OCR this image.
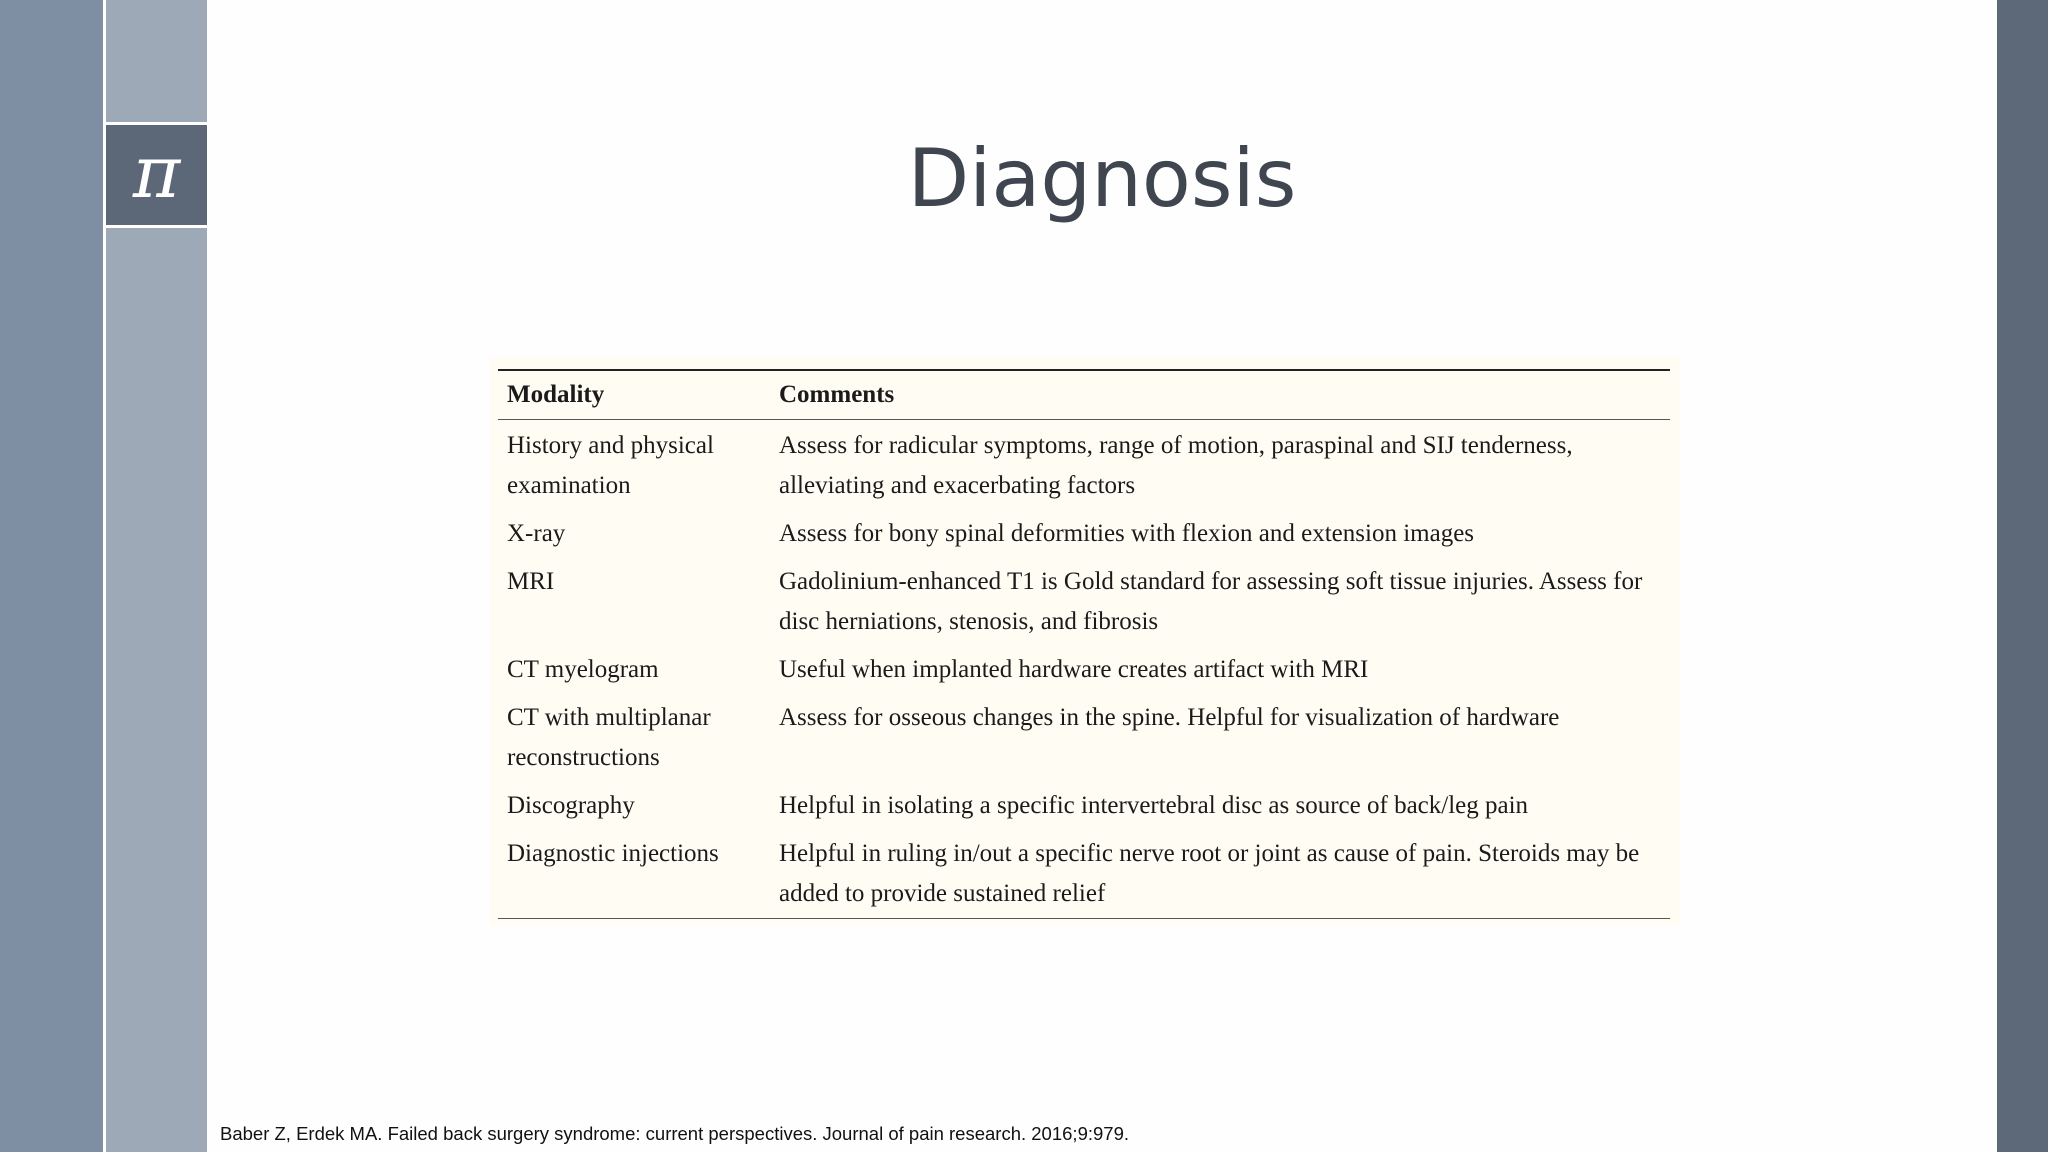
π	Diagnosis
Modality	Comments
History and physical examination	Assess for radicular symptoms, range of motion, paraspinal and SIJ tenderness, alleviating and exacerbating factors
X-ray	Assess for bony spinal deformities with flexion and extension images
MRI	Gadolinium-enhanced T1 is Gold standard for assessing soft tissue injuries. Assess for disc herniations, stenosis, and fibrosis
CT myelogram	Useful when implanted hardware creates artifact with MRI
CT with multiplanar reconstructions	Assess for osseous changes in the spine. Helpful for visualization of hardware
Discography	Helpful in isolating a specific intervertebral disc as source of back/leg pain
Diagnostic injections	Helpful in ruling in/out a specific nerve root or joint as cause of pain. Steroids may be added to provide sustained relief
Baber Z, Erdek MA. Failed back surgery syndrome: current perspectives. Journal of pain research. 2016;9:979.
